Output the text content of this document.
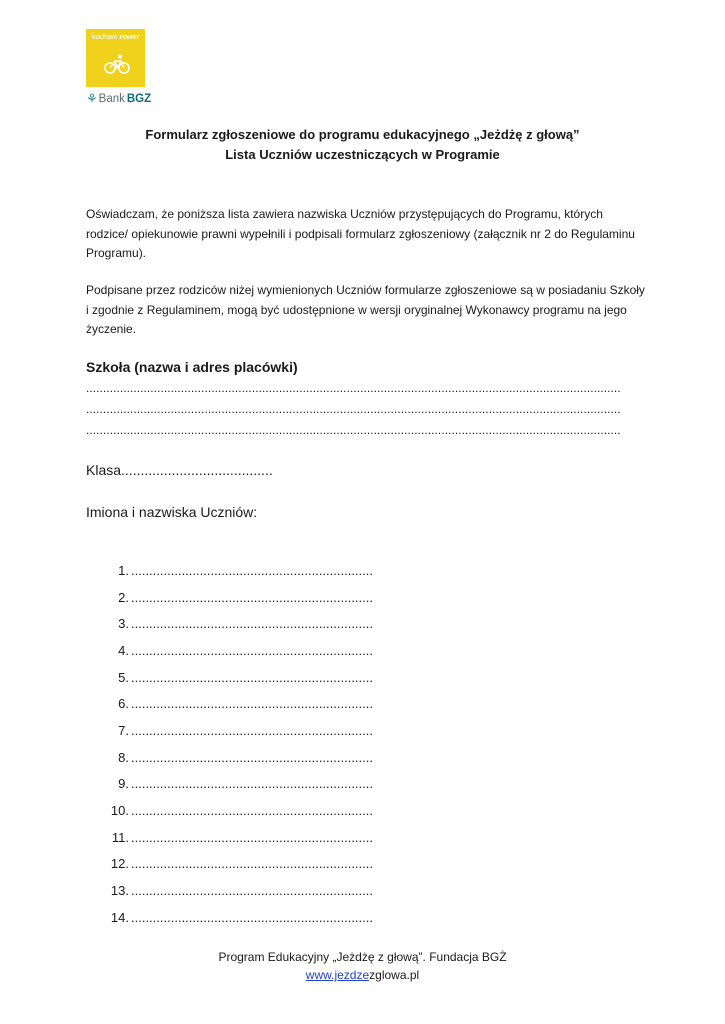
kocham rower
⚘ Bank BGZ
Formularz zgłoszeniowe do programu edukacyjnego „Jeżdżę z głową”
Lista Uczniów uczestniczących w Programie
Oświadczam, że poniższa lista zawiera nazwiska Uczniów przystępujących do Programu, których rodzice/ opiekunowie prawni wypełnili i podpisali formularz zgłoszeniowy (załącznik nr 2 do Regulaminu Programu).
Podpisane przez rodziców niżej wymienionych Uczniów formularze zgłoszeniowe są w posiadaniu Szkoły i zgodnie z Regulaminem, mogą być udostępnione w wersji oryginalnej Wykonawcy programu na jego życzenie.
Szkoła (nazwa i adres placówki)
..............................................................................................................................................................
..............................................................................................................................................................
..............................................................................................................................................................
Klasa.......................................
Imiona i nazwiska Uczniów:
1. ...................................................................
2. ...................................................................
3. ...................................................................
4. ...................................................................
5. ...................................................................
6. ...................................................................
7. ...................................................................
8. ...................................................................
9. ...................................................................
10. ...................................................................
11. ...................................................................
12. ...................................................................
13. ...................................................................
14. ...................................................................
Program Edukacyjny „Jeżdżę z głową”. Fundacja BGŻ
www.jezdzezglowa.pl
